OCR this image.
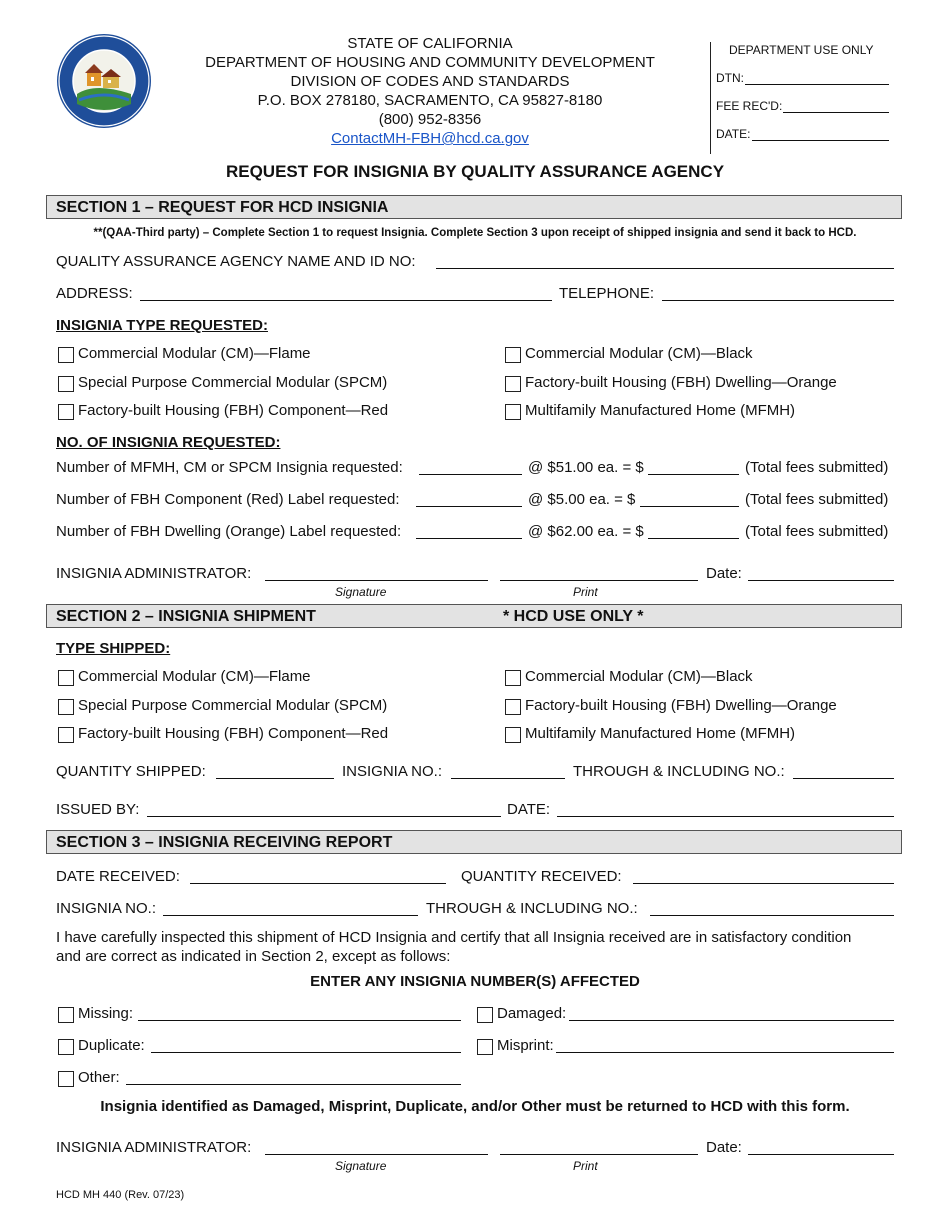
STATE OF CALIFORNIA
DEPARTMENT OF HOUSING AND COMMUNITY DEVELOPMENT
DIVISION OF CODES AND STANDARDS
P.O. BOX 278180, SACRAMENTO, CA 95827-8180
(800) 952-8356
ContactMH-FBH@hcd.ca.gov
DEPARTMENT USE ONLY
DTN:
FEE REC'D:
DATE:
REQUEST FOR INSIGNIA BY QUALITY ASSURANCE AGENCY
SECTION 1 – REQUEST FOR HCD INSIGNIA
**(QAA-Third party) – Complete Section 1 to request Insignia. Complete Section 3 upon receipt of shipped insignia and send it back to HCD.
QUALITY ASSURANCE AGENCY NAME AND ID NO:
ADDRESS:	TELEPHONE:
INSIGNIA TYPE REQUESTED:
Commercial Modular (CM)—Flame
Special Purpose Commercial Modular (SPCM)
Factory-built Housing (FBH) Component—Red
Commercial Modular (CM)—Black
Factory-built Housing (FBH) Dwelling—Orange
Multifamily Manufactured Home (MFMH)
NO. OF INSIGNIA REQUESTED:
Number of MFMH, CM or SPCM Insignia requested:	@ $51.00 ea. = $	(Total fees submitted)
Number of FBH Component (Red) Label requested:	@ $5.00 ea. = $	(Total fees submitted)
Number of FBH Dwelling (Orange) Label requested:	@ $62.00 ea. = $	(Total fees submitted)
INSIGNIA ADMINISTRATOR:	Date:
Signature	Print
SECTION 2 – INSIGNIA SHIPMENT	* HCD USE ONLY *
TYPE SHIPPED:
Commercial Modular (CM)—Flame
Special Purpose Commercial Modular (SPCM)
Factory-built Housing (FBH) Component—Red
Commercial Modular (CM)—Black
Factory-built Housing (FBH) Dwelling—Orange
Multifamily Manufactured Home (MFMH)
QUANTITY SHIPPED:	INSIGNIA NO.:	THROUGH & INCLUDING NO.:
ISSUED BY:	DATE:
SECTION 3 – INSIGNIA RECEIVING REPORT
DATE RECEIVED:	QUANTITY RECEIVED:
INSIGNIA NO.:	THROUGH & INCLUDING NO.:
I have carefully inspected this shipment of HCD Insignia and certify that all Insignia received are in satisfactory condition
and are correct as indicated in Section 2, except as follows:
ENTER ANY INSIGNIA NUMBER(S) AFFECTED
Missing:	Damaged:
Duplicate:	Misprint:
Other:
Insignia identified as Damaged, Misprint, Duplicate, and/or Other must be returned to HCD with this form.
INSIGNIA ADMINISTRATOR:	Date:
Signature	Print
HCD MH 440 (Rev. 07/23)
